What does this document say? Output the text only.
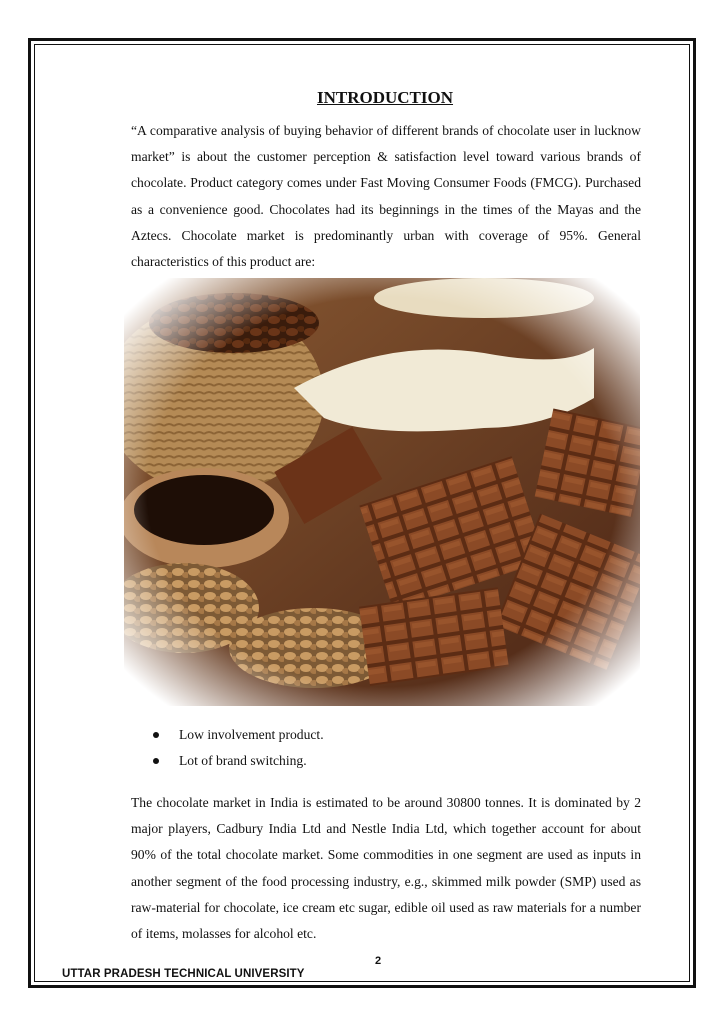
INTRODUCTION
“A comparative analysis of buying behavior of different brands of chocolate user in lucknow market” is about the customer perception & satisfaction level toward various brands of chocolate. Product category comes under Fast Moving Consumer Foods (FMCG). Purchased as a convenience good. Chocolates had its beginnings in the times of the Mayas and the Aztecs. Chocolate market is predominantly urban with coverage of 95%. General characteristics of this product are:
Low involvement product.
Lot of brand switching.
The chocolate market in India is estimated to be around 30800 tonnes. It is dominated by 2 major players, Cadbury India Ltd and Nestle India Ltd, which together account for about 90% of the total chocolate market. Some commodities in one segment are used as inputs in another segment of the food processing industry, e.g., skimmed milk powder (SMP) used as raw-material for chocolate, ice cream etc sugar, edible oil used as raw materials for a number of items, molasses for alcohol etc.
2
UTTAR PRADESH TECHNICAL UNIVERSITY
